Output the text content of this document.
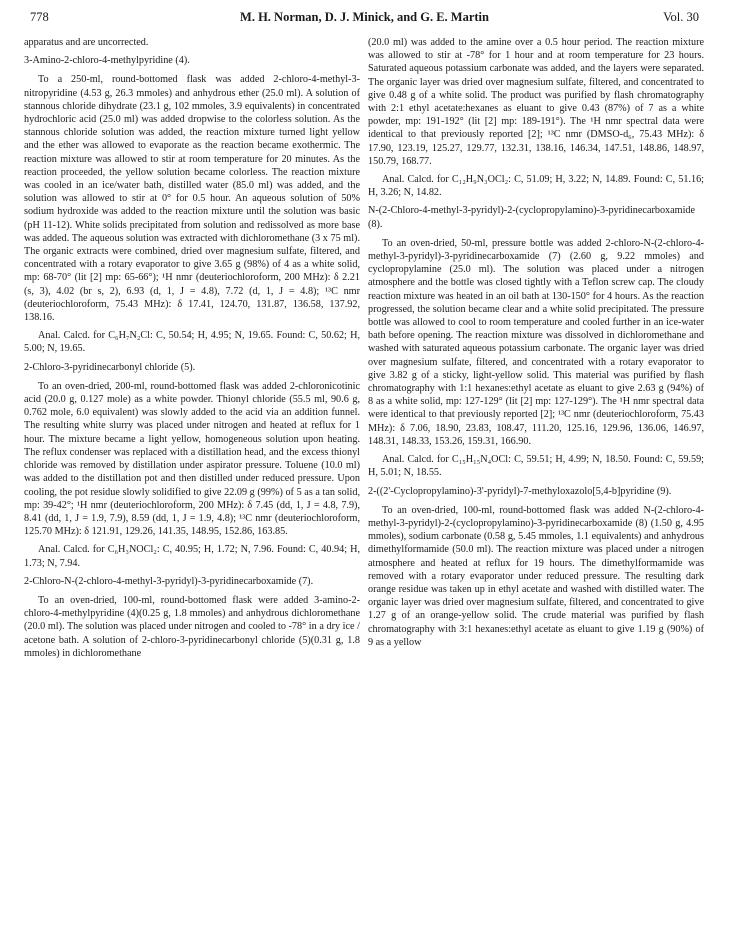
778	M. H. Norman, D. J. Minick, and G. E. Martin	Vol. 30

apparatus and are uncorrected.

3-Amino-2-chloro-4-methylpyridine (4).

To a 250-ml, round-bottomed flask was added 2-chloro-4-methyl-3-nitropyridine (4.53 g, 26.3 mmoles) and anhydrous ether (25.0 ml). A solution of stannous chloride dihydrate (23.1 g, 102 mmoles, 3.9 equivalents) in concentrated hydrochloric acid (25.0 ml) was added dropwise to the colorless solution. As the stannous chloride solution was added, the reaction mixture turned light yellow and the ether was allowed to evaporate as the reaction became exothermic. The reaction mixture was allowed to stir at room temperature for 20 minutes. As the reaction proceeded, the yellow solution became colorless. The reaction mixture was cooled in an ice/water bath, distilled water (85.0 ml) was added, and the solution was allowed to stir at 0° for 0.5 hour. An aqueous solution of 50% sodium hydroxide was added to the reaction mixture until the solution was basic (pH 11-12). White solids precipitated from solution and redissolved as more base was added. The aqueous solution was extracted with dichloromethane (3 x 75 ml). The organic extracts were combined, dried over magnesium sulfate, filtered, and concentrated with a rotary evaporator to give 3.65 g (98%) of 4 as a white solid, mp: 68-70° (lit [2] mp: 65-66°); ¹H nmr (deuteriochloroform, 200 MHz): δ 2.21 (s, 3), 4.02 (br s, 2), 6.93 (d, 1, J = 4.8), 7.72 (d, 1, J = 4.8); ¹³C nmr (deuteriochloroform, 75.43 MHz): δ 17.41, 124.70, 131.87, 136.58, 137.92, 138.16.

Anal. Calcd. for C₆H₇N₂Cl: C, 50.54; H, 4.95; N, 19.65. Found: C, 50.62; H, 5.00; N, 19.65.

2-Chloro-3-pyridinecarbonyl chloride (5).

To an oven-dried, 200-ml, round-bottomed flask was added 2-chloronicotinic acid (20.0 g, 0.127 mole) as a white powder. Thionyl chloride (55.5 ml, 90.6 g, 0.762 mole, 6.0 equivalent) was slowly added to the acid via an addition funnel. The resulting white slurry was placed under nitrogen and heated at reflux for 1 hour. The mixture became a light yellow, homogeneous solution upon heating. The reflux condenser was replaced with a distillation head, and the excess thionyl chloride was removed by distillation under aspirator pressure. Toluene (10.0 ml) was added to the distillation pot and then distilled under reduced pressure. Upon cooling, the pot residue slowly solidified to give 22.09 g (99%) of 5 as a tan solid, mp: 39-42°; ¹H nmr (deuteriochloroform, 200 MHz): δ 7.45 (dd, 1, J = 4.8, 7.9), 8.41 (dd, 1, J = 1.9, 7.9), 8.59 (dd, 1, J = 1.9, 4.8); ¹³C nmr (deuteriochloroform, 125.70 MHz): δ 121.91, 129.26, 141.35, 148.95, 152.86, 163.85.

Anal. Calcd. for C₆H₃NOCl₂: C, 40.95; H, 1.72; N, 7.96. Found: C, 40.94; H, 1.73; N, 7.94.

2-Chloro-N-(2-chloro-4-methyl-3-pyridyl)-3-pyridinecarboxamide (7).

To an oven-dried, 100-ml, round-bottomed flask were added 3-amino-2-chloro-4-methylpyridine (4)(0.25 g, 1.8 mmoles) and anhydrous dichloromethane (20.0 ml). The solution was placed under nitrogen and cooled to -78° in a dry ice / acetone bath. A solution of 2-chloro-3-pyridinecarbonyl chloride (5)(0.31 g, 1.8 mmoles) in dichloromethane

(20.0 ml) was added to the amine over a 0.5 hour period. The reaction mixture was allowed to stir at -78° for 1 hour and at room temperature for 23 hours. Saturated aqueous potassium carbonate was added, and the layers were separated. The organic layer was dried over magnesium sulfate, filtered, and concentrated to give 0.48 g of a white solid. The product was purified by flash chromatography with 2:1 ethyl acetate:hexanes as eluant to give 0.43 (87%) of 7 as a white powder, mp: 191-192° (lit [2] mp: 189-191°). The ¹H nmr spectral data were identical to that previously reported [2]; ¹³C nmr (DMSO-d₆, 75.43 MHz): δ 17.90, 123.19, 125.27, 129.77, 132.31, 138.16, 146.34, 147.51, 148.86, 148.97, 150.79, 168.77.

Anal. Calcd. for C₁₂H₉N₃OCl₂: C, 51.09; H, 3.22; N, 14.89. Found: C, 51.16; H, 3.26; N, 14.82.

N-(2-Chloro-4-methyl-3-pyridyl)-2-(cyclopropylamino)-3-pyridinecarboxamide (8).

To an oven-dried, 50-ml, pressure bottle was added 2-chloro-N-(2-chloro-4-methyl-3-pyridyl)-3-pyridinecarboxamide (7) (2.60 g, 9.22 mmoles) and cyclopropylamine (25.0 ml). The solution was placed under a nitrogen atmosphere and the bottle was closed tightly with a Teflon screw cap. The cloudy reaction mixture was heated in an oil bath at 130-150° for 4 hours. As the reaction progressed, the solution became clear and a white solid precipitated. The pressure bottle was allowed to cool to room temperature and cooled further in an ice-water bath before opening. The reaction mixture was dissolved in dichloromethane and washed with saturated aqueous potassium carbonate. The organic layer was dried over magnesium sulfate, filtered, and concentrated with a rotary evaporator to give 3.82 g of a sticky, light-yellow solid. This material was purified by flash chromatography with 1:1 hexanes:ethyl acetate as eluant to give 2.63 g (94%) of 8 as a white solid, mp: 127-129° (lit [2] mp: 127-129°). The ¹H nmr spectral data were identical to that previously reported [2]; ¹³C nmr (deuteriochloroform, 75.43 MHz): δ 7.06, 18.90, 23.83, 108.47, 111.20, 125.16, 129.96, 136.06, 146.97, 148.31, 148.33, 153.26, 159.31, 166.90.

Anal. Calcd. for C₁₅H₁₅N₄OCl: C, 59.51; H, 4.99; N, 18.50. Found: C, 59.59; H, 5.01; N, 18.55.

2-((2'-Cyclopropylamino)-3'-pyridyl)-7-methyloxazolo[5,4-b]pyridine (9).

To an oven-dried, 100-ml, round-bottomed flask was added N-(2-chloro-4-methyl-3-pyridyl)-2-(cyclopropylamino)-3-pyridinecarboxamide (8) (1.50 g, 4.95 mmoles), sodium carbonate (0.58 g, 5.45 mmoles, 1.1 equivalents) and anhydrous dimethylformamide (50.0 ml). The reaction mixture was placed under a nitrogen atmosphere and heated at reflux for 19 hours. The dimethylformamide was removed with a rotary evaporator under reduced pressure. The resulting dark orange residue was taken up in ethyl acetate and washed with distilled water. The organic layer was dried over magnesium sulfate, filtered, and concentrated to give 1.27 g of an orange-yellow solid. The crude material was purified by flash chromatography with 3:1 hexanes:ethyl acetate as eluant to give 1.19 g (90%) of 9 as a yellow
